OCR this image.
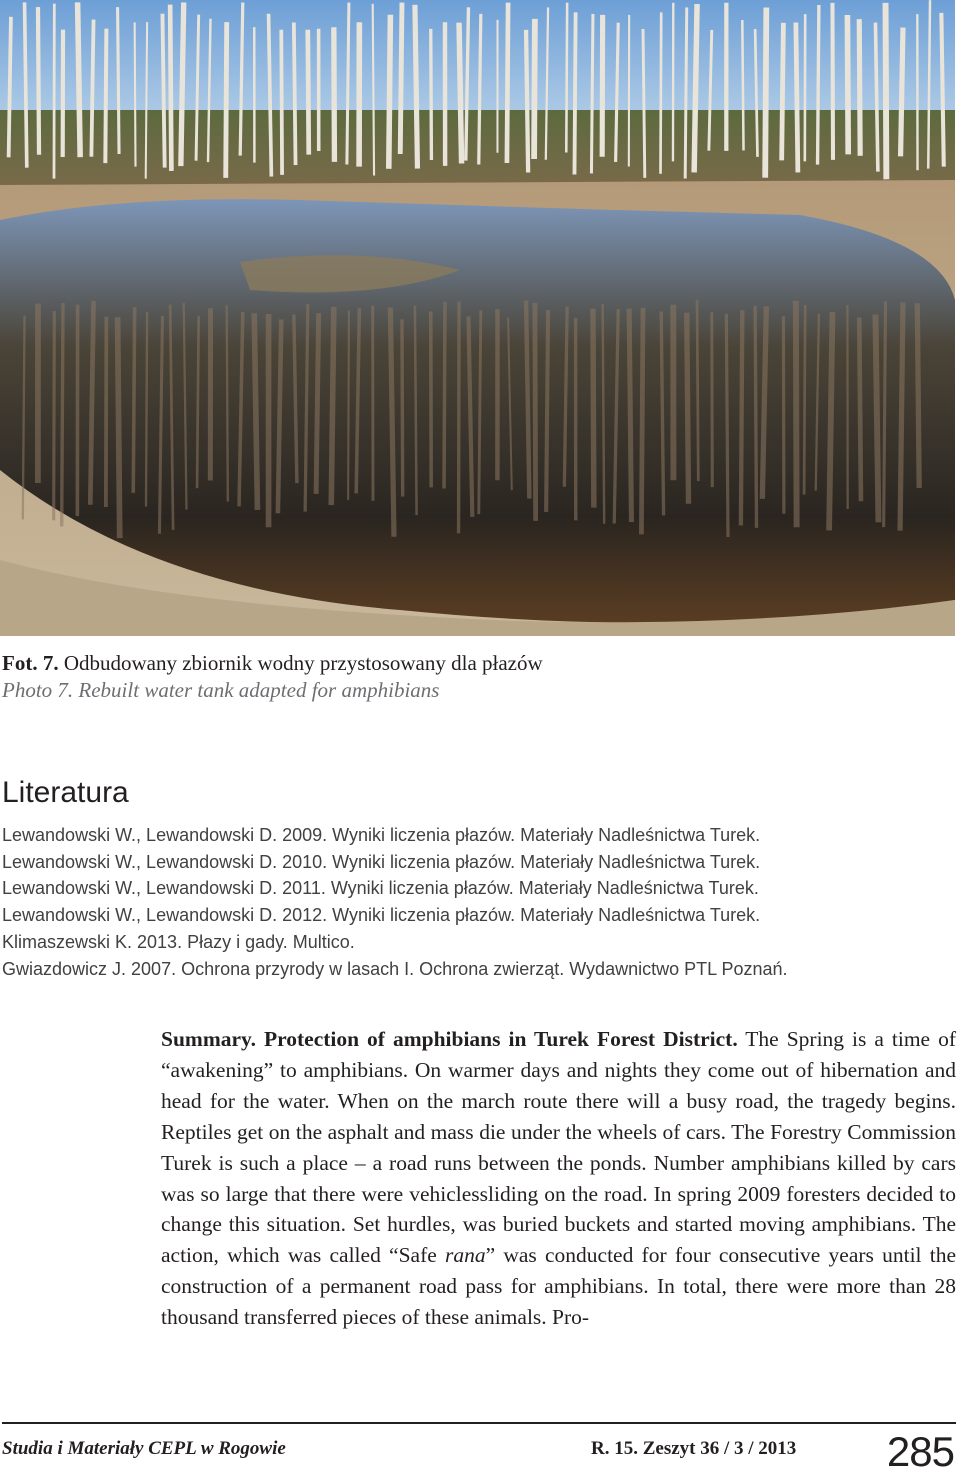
Fot. 7. Odbudowany zbiornik wodny przystosowany dla płazów
Photo 7. Rebuilt water tank adapted for amphibians
Literatura
Lewandowski W., Lewandowski D. 2009. Wyniki liczenia płazów. Materiały Nadleśnictwa Turek.
Lewandowski W., Lewandowski D. 2010. Wyniki liczenia płazów. Materiały Nadleśnictwa Turek.
Lewandowski W., Lewandowski D. 2011. Wyniki liczenia płazów. Materiały Nadleśnictwa Turek.
Lewandowski W., Lewandowski D. 2012. Wyniki liczenia płazów. Materiały Nadleśnictwa Turek.
Klimaszewski K. 2013. Płazy i gady. Multico.
Gwiazdowicz J. 2007. Ochrona przyrody w lasach I. Ochrona zwierząt. Wydawnictwo PTL Poznań.

Summary. Protection of amphibians in Turek Forest District. The Spring is a time of “awakening” to amphibians. On warmer days and nights they come out of hibernation and head for the water. When on the march route there will a busy road, the tragedy begins. Reptiles get on the asphalt and mass die under the wheels of cars. The Forestry Commission Turek is such a place – a road runs between the ponds. Number amphibians killed by cars was so large that there were vehiclessliding on the road. In spring 2009 foresters decided to change this situation. Set hurdles, was buried buckets and started moving amphibians. The action, which was called “Safe rana” was conducted for four consecutive years until the construction of a permanent road pass for amphibians. In total, there were more than 28 thousand transferred pieces of these animals. Pro-

Studia i Materiały CEPL w Rogowie	R. 15. Zeszyt 36 / 3 / 2013 285
